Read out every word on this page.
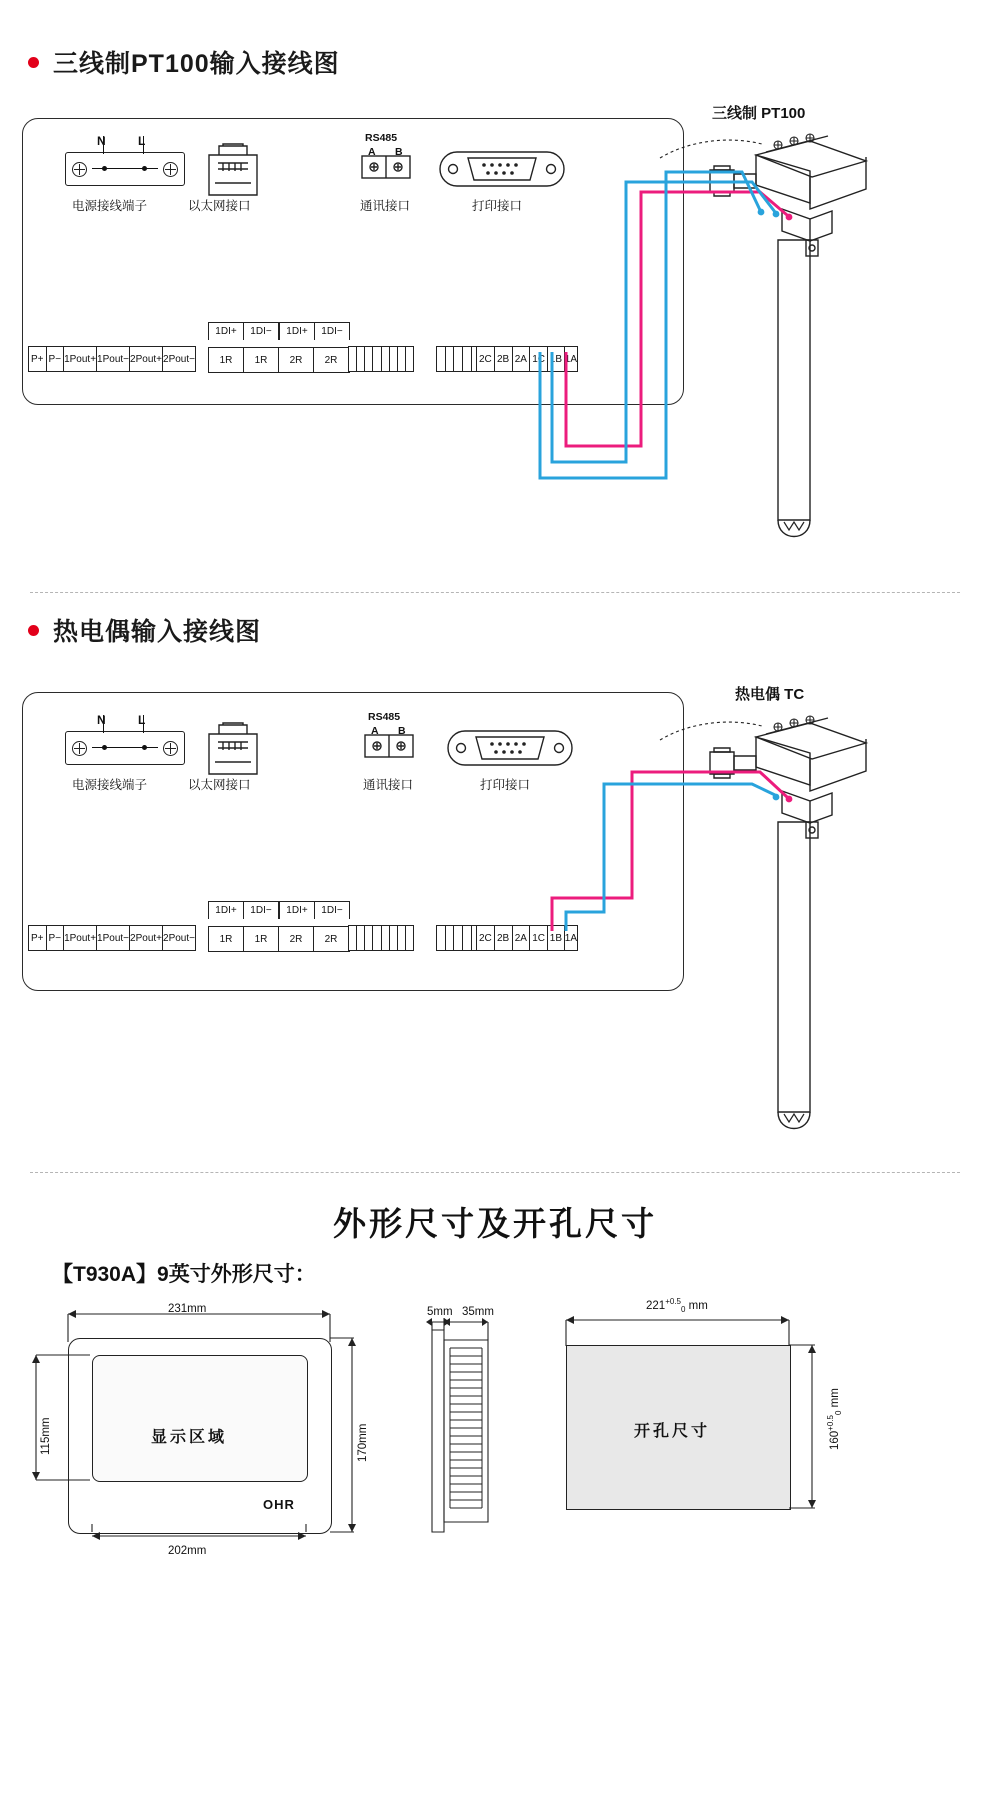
三线制PT100输入接线图
N	L
电源接线端子	以太网接口
RS485
A B
通讯接口	打印接口
P+ P− 1Pout+ 1Pout− 2Pout+ 2Pout−
1DI+	1DI−	1DI+	1DI−
1R	1R	2R	2R	2C 2B 2A 1C 1B 1A
三线制 PT100
热电偶输入接线图
N	L
电源接线端子	以太网接口
RS485
A B
通讯接口	打印接口
P+ P− 1Pout+ 1Pout− 2Pout+ 2Pout−
1DI+	1DI−	1DI+	1DI−
1R	1R	2R	2R	2C 2B 2A 1C 1B 1A
热电偶 TC
外形尺寸及开孔尺寸
【T930A】9英寸外形尺寸：
显示区域
OHR
231mm
202mm
115mm	170mm
5mm 35mm
开孔尺寸
$221^{+0.5}_0$ mm
$160^{+0.5}_0$ mm
